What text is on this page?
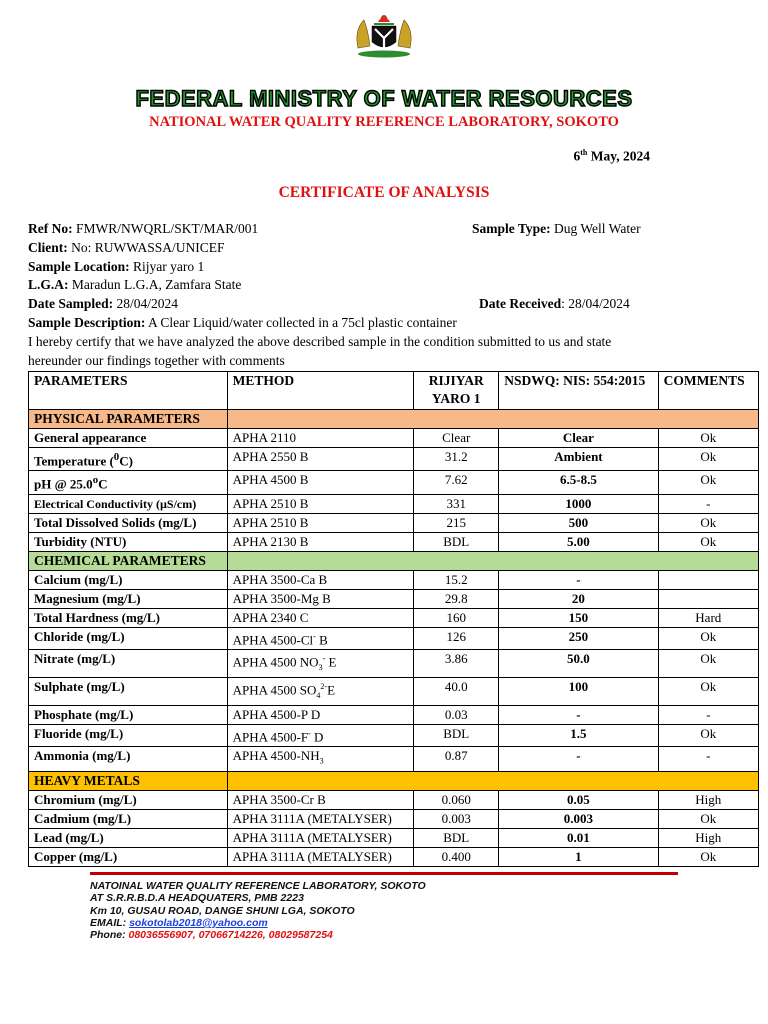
FEDERAL MINISTRY OF WATER RESOURCES
NATIONAL WATER QUALITY REFERENCE LABORATORY, SOKOTO
6th May, 2024
CERTIFICATE OF ANALYSIS
Ref No: FMWR/NWQRL/SKT/MAR/001	Sample Type: Dug Well Water
Client: No: RUWWASSA/UNICEF
Sample Location: Rijyar yaro 1
L.G.A: Maradun L.G.A, Zamfara State
Date Sampled: 28/04/2024	Date Received: 28/04/2024
Sample Description: A Clear Liquid/water collected in a 75cl plastic container
I hereby certify that we have analyzed the above described sample in the condition submitted to us and state hereunder our findings together with comments
PARAMETERS	METHOD	RIJIYAR YARO 1	NSDWQ: NIS: 554:2015	COMMENTS
PHYSICAL PARAMETERS				
General appearance	APHA 2110	Clear	Clear	Ok
Temperature ($^0$C)	APHA 2550 B	31.2	Ambient	Ok
pH @ 25.0$^o$C	APHA 4500 B	7.62	6.5-8.5	Ok
Electrical Conductivity (µS/cm)	APHA 2510 B	331	1000	-
Total Dissolved Solids (mg/L)	APHA 2510 B	215	500	Ok
Turbidity (NTU)	APHA 2130 B	BDL	5.00	Ok
CHEMICAL PARAMETERS				
Calcium (mg/L)	APHA 3500-Ca B	15.2	-	
Magnesium (mg/L)	APHA 3500-Mg B	29.8	20	
Total Hardness (mg/L)	APHA 2340 C	160	150	Hard
Chloride (mg/L)	APHA 4500-Cl- B	126	250	Ok
Nitrate (mg/L)	APHA 4500 $NO_3^-$ E	3.86	50.0	Ok
Sulphate (mg/L)	APHA 4500 $SO_4^{2-}E$	40.0	100	Ok
Phosphate (mg/L)	APHA 4500-P D	0.03	-	-
Fluoride (mg/L)	APHA 4500-F- D	BDL	1.5	Ok
Ammonia (mg/L)	APHA $4500-NH_3$	0.87	-	-
HEAVY METALS				
Chromium (mg/L)	APHA 3500-Cr B	0.060	0.05	High
Cadmium (mg/L)	APHA 3111A (METALYSER)	0.003	0.003	Ok
Lead (mg/L)	APHA 3111A (METALYSER)	BDL	0.01	High
Copper (mg/L)	APHA 3111A (METALYSER)	0.400	1	Ok
NATOINAL WATER QUALITY REFERENCE LABORATORY, SOKOTO
AT S.R.R.B.D.A HEADQUATERS, PMB 2223
Km 10, GUSAU ROAD, DANGE SHUNI LGA, SOKOTO
EMAIL: sokotolab2018@yahoo.com
Phone: 08036556907, 07066714226, 08029587254
